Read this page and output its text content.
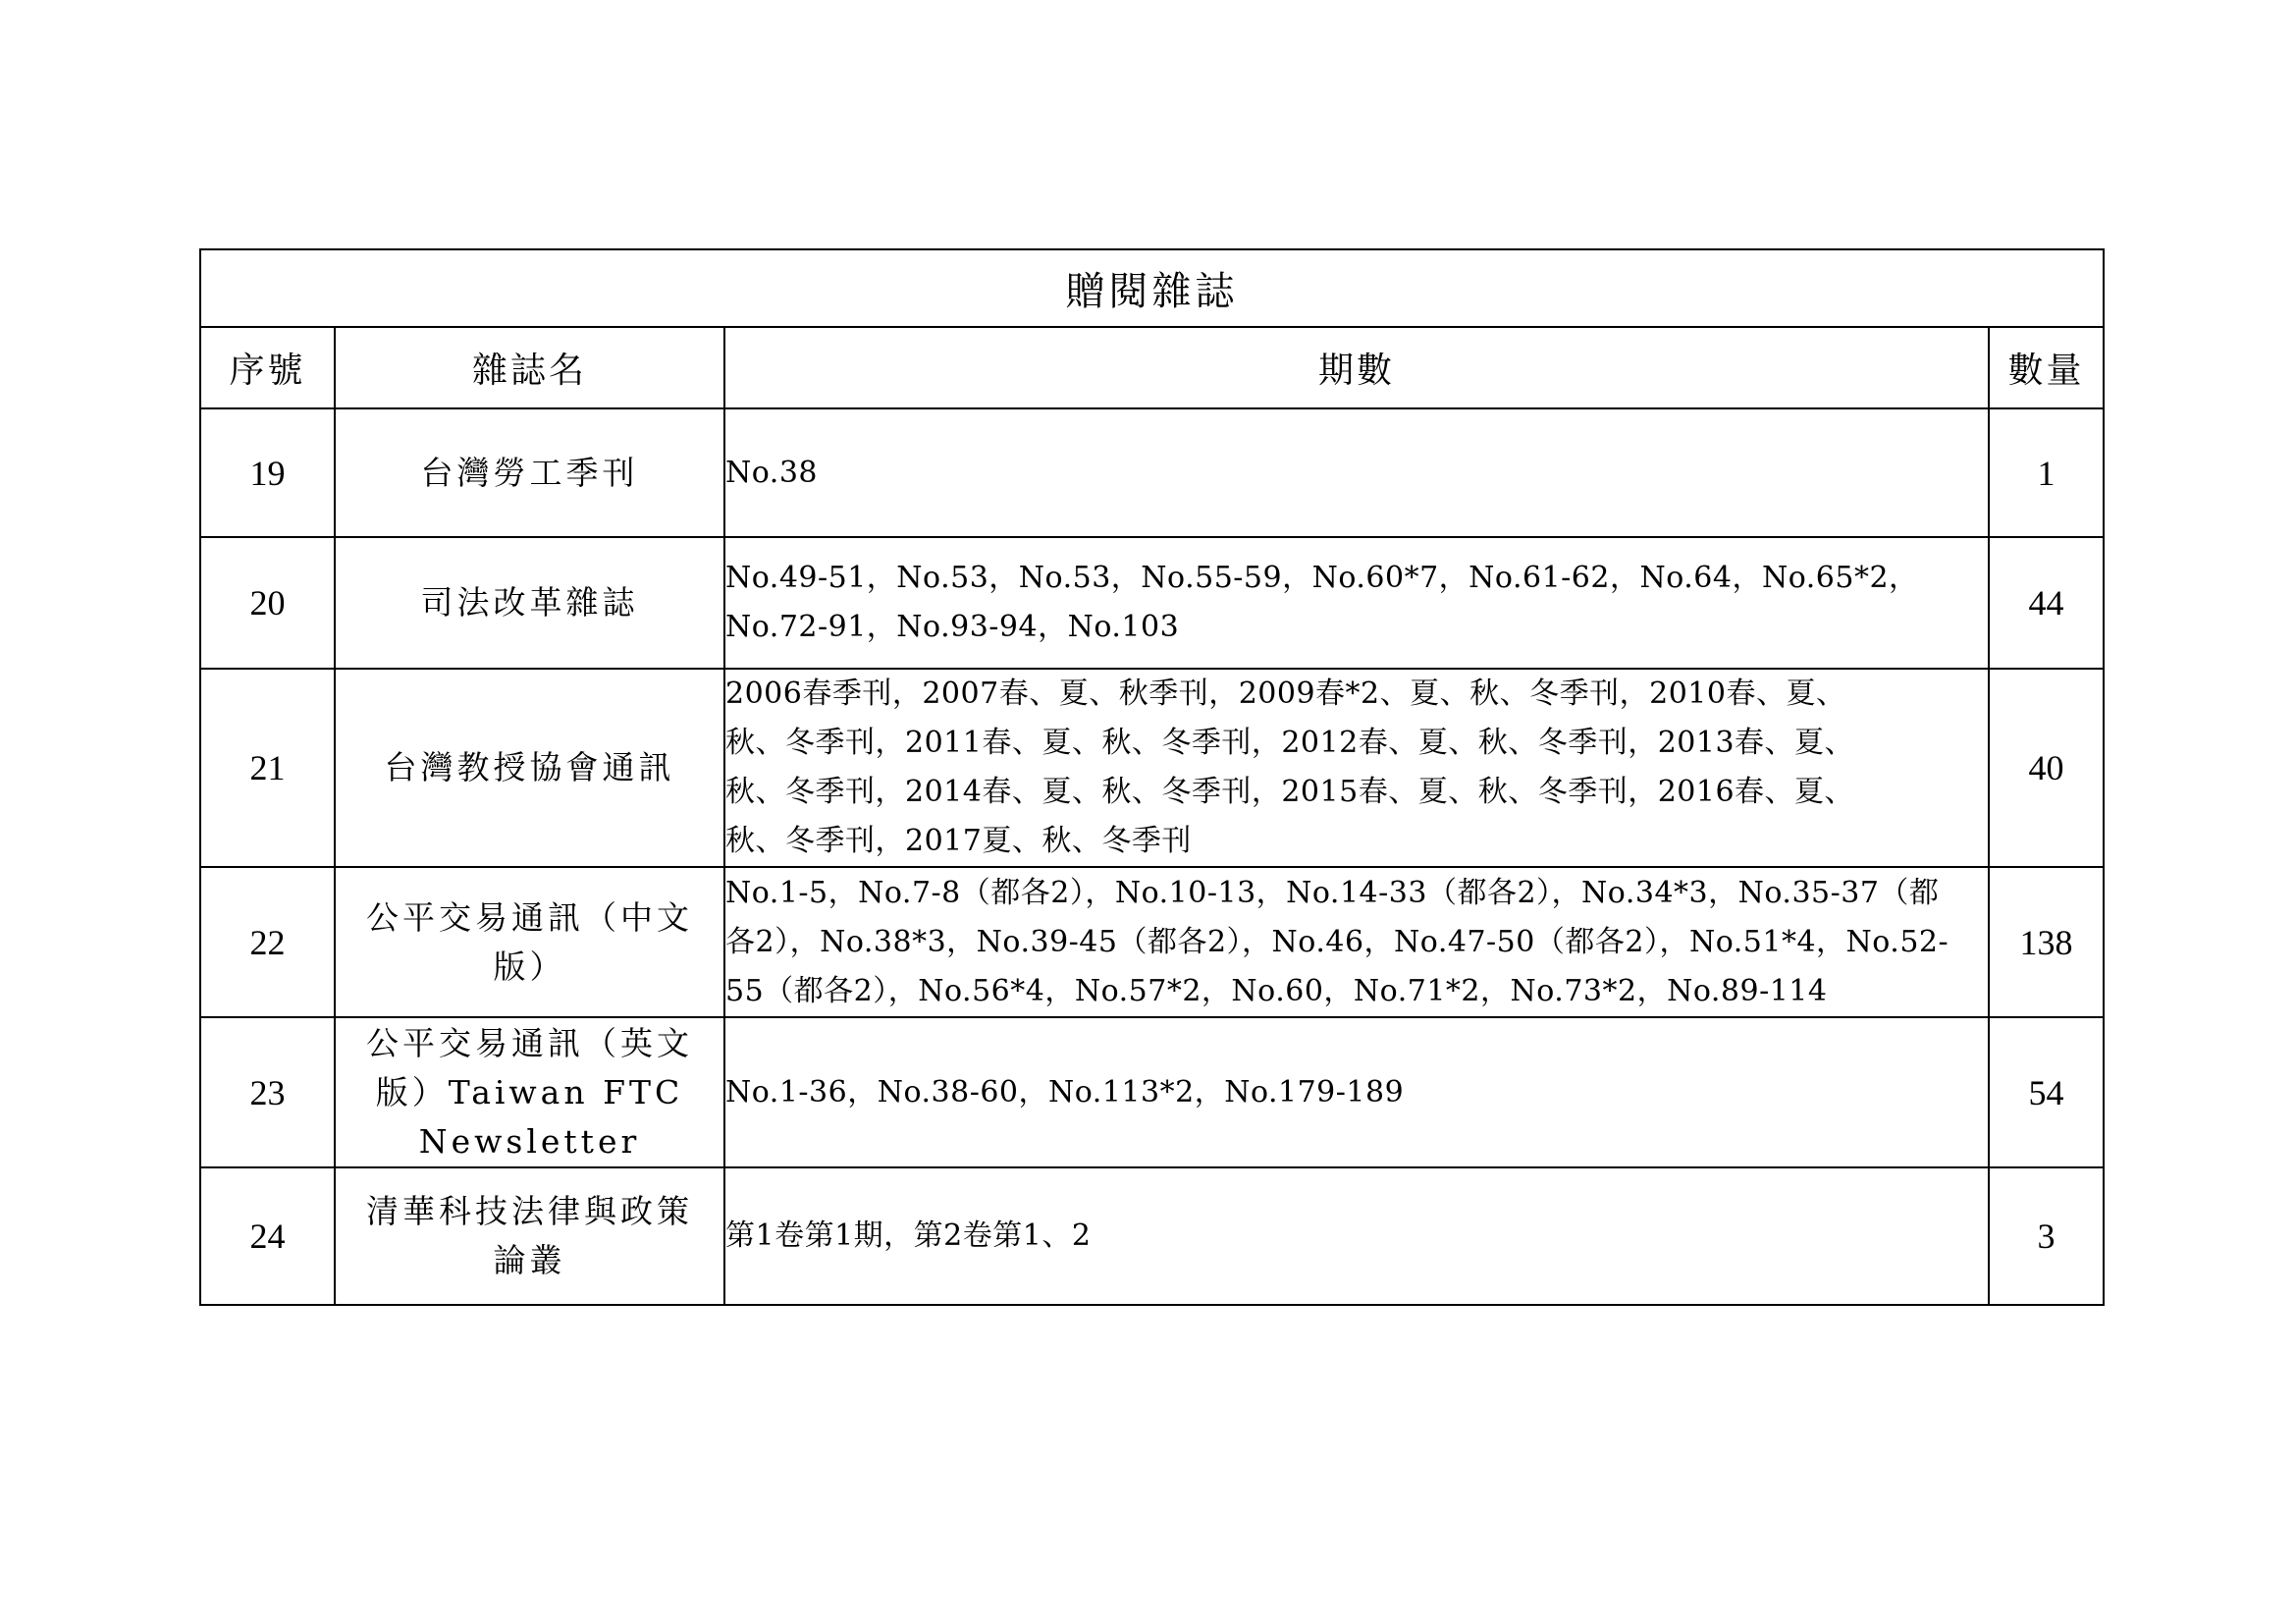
贈閱雜誌			
序號	雜誌名	期數	數量
19	台灣勞工季刊	No.38	1
20	司法改革雜誌	No.49-51，No.53，No.53，No.55-59，No.60*7，No.61-62，No.64，No.65*2，
No.72-91，No.93-94，No.103	44
21	台灣教授協會通訊	2006春季刊，2007春、夏、秋季刊，2009春*2、夏、秋、冬季刊，2010春、夏、
秋、冬季刊，2011春、夏、秋、冬季刊，2012春、夏、秋、冬季刊，2013春、夏、
秋、冬季刊，2014春、夏、秋、冬季刊，2015春、夏、秋、冬季刊，2016春、夏、
秋、冬季刊，2017夏、秋、冬季刊	40
22	公平交易通訊（中文
版）	No.1-5，No.7-8（都各2），No.10-13，No.14-33（都各2），No.34*3，No.35-37（都
各2），No.38*3，No.39-45（都各2），No.46，No.47-50（都各2），No.51*4，No.52-
55（都各2），No.56*4，No.57*2，No.60，No.71*2，No.73*2，No.89-114	138
23	公平交易通訊（英文
版）Taiwan FTC
Newsletter	No.1-36，No.38-60，No.113*2，No.179-189	54
24	清華科技法律與政策
論叢	第1卷第1期，第2卷第1、2	3
